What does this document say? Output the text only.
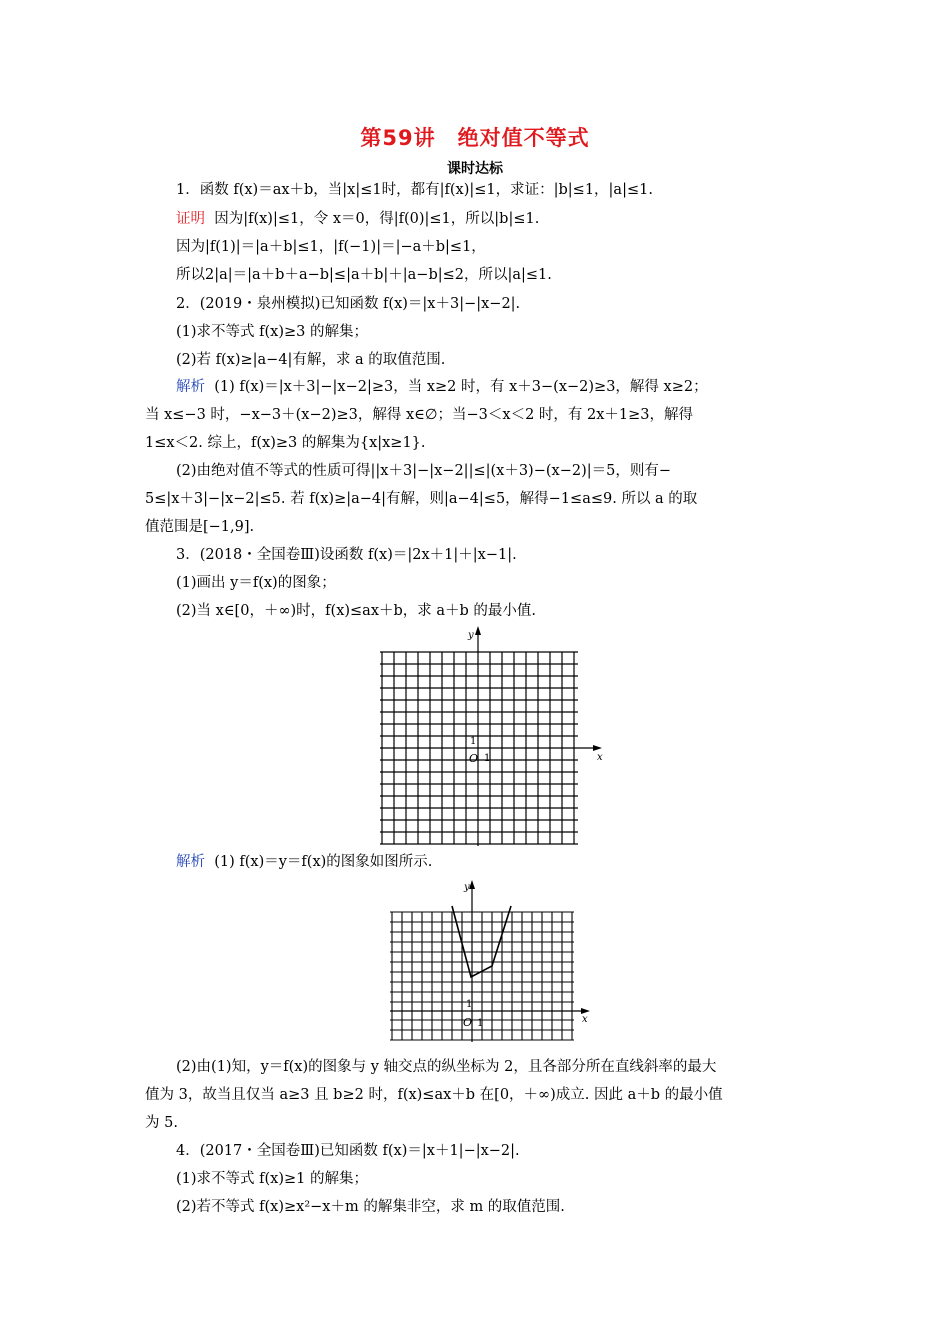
第59讲　绝对值不等式
课时达标
1．函数 f(x)＝ax＋b，当|x|≤1时，都有|f(x)|≤1，求证：|b|≤1，|a|≤1.
证明 因为|f(x)|≤1，令 x＝0，得|f(0)|≤1，所以|b|≤1.
因为|f(1)|＝|a＋b|≤1，|f(−1)|＝|−a＋b|≤1，
所以2|a|＝|a＋b＋a−b|≤|a＋b|＋|a−b|≤2，所以|a|≤1.
2．(2019・泉州模拟)已知函数 f(x)＝|x＋3|−|x−2|.
(1)求不等式 f(x)≥3 的解集；
(2)若 f(x)≥|a−4|有解，求 a 的取值范围.
解析 (1) f(x)＝|x＋3|−|x−2|≥3，当 x≥2 时，有 x＋3−(x−2)≥3，解得 x≥2；
当 x≤−3 时，−x−3＋(x−2)≥3，解得 x∈∅；当−3＜x＜2 时，有 2x＋1≥3，解得
1≤x＜2. 综上，f(x)≥3 的解集为{x|x≥1}.
(2)由绝对值不等式的性质可得||x＋3|−|x−2||≤|(x＋3)−(x−2)|＝5，则有−
5≤|x＋3|−|x−2|≤5. 若 f(x)≥|a−4|有解，则|a−4|≤5，解得−1≤a≤9. 所以 a 的取
值范围是[−1,9].
3．(2018・全国卷Ⅲ)设函数 f(x)＝|2x＋1|＋|x−1|.
(1)画出 y＝f(x)的图象；
(2)当 x∈[0，＋∞)时，f(x)≤ax＋b，求 a＋b 的最小值.
y
x
O
1
1
解析 (1) f(x)＝y＝f(x)的图象如图所示.
y
x
O
1
1
(2)由(1)知，y＝f(x)的图象与 y 轴交点的纵坐标为 2，且各部分所在直线斜率的最大
值为 3，故当且仅当 a≥3 且 b≥2 时，f(x)≤ax＋b 在[0，＋∞)成立. 因此 a＋b 的最小值
为 5.
4．(2017・全国卷Ⅲ)已知函数 f(x)＝|x＋1|−|x−2|.
(1)求不等式 f(x)≥1 的解集；
(2)若不等式 f(x)≥x²−x＋m 的解集非空，求 m 的取值范围.
